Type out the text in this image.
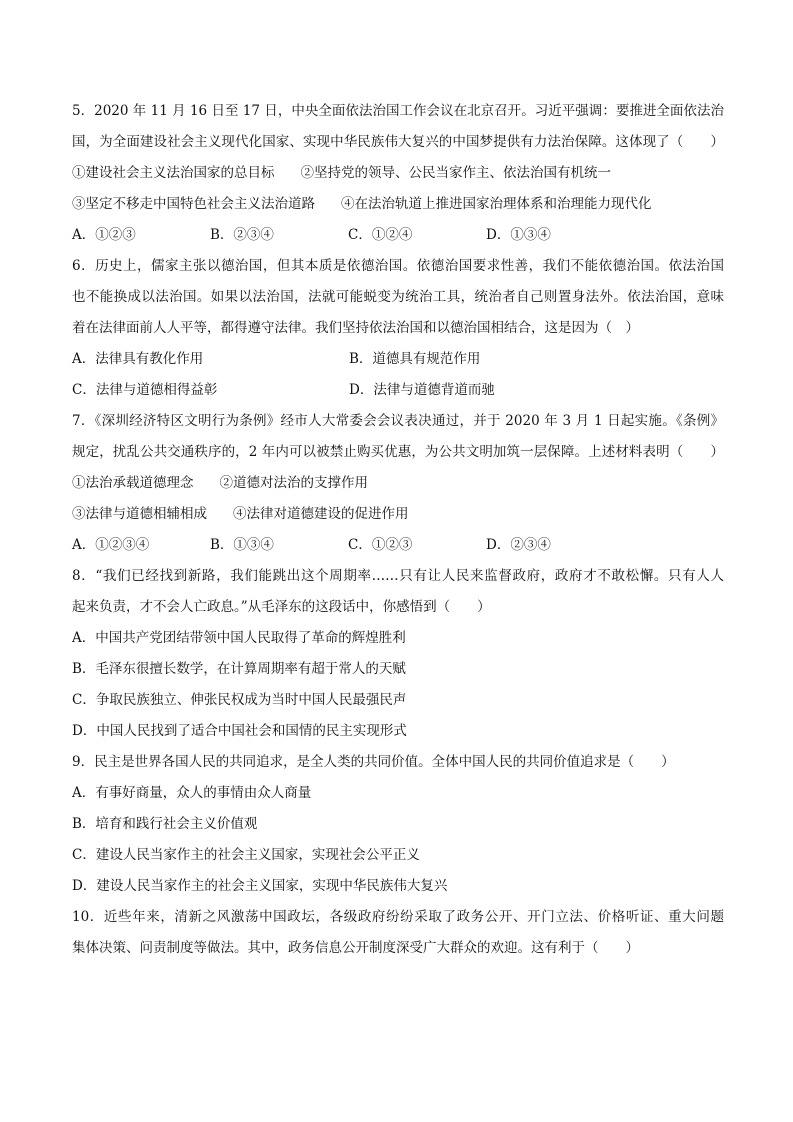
5．2020 年 11 月 16 日至 17 日，中央全面依法治国工作会议在北京召开。习近平强调：要推进全面依法治
国，为全面建设社会主义现代化国家、实现中华民族伟大复兴的中国梦提供有力法治保障。这体现了（　　）
①建设社会主义法治国家的总目标 ②坚持党的领导、公民当家作主、依法治国有机统一
③坚定不移走中国特色社会主义法治道路 ④在法治轨道上推进国家治理体系和治理能力现代化
A．①②③	B．②③④	C．①②④	D．①③④
6．历史上，儒家主张以德治国，但其本质是依德治国。依德治国要求性善，我们不能依德治国。依法治国
也不能换成以法治国。如果以法治国，法就可能蜕变为统治工具，统治者自己则置身法外。依法治国，意味
着在法律面前人人平等，都得遵守法律。我们坚持依法治国和以德治国相结合，这是因为（　）
A．法律具有教化作用	B．道德具有规范作用
C．法律与道德相得益彰	D．法律与道德背道而驰
7．《深圳经济特区文明行为条例》经市人大常委会会议表决通过，并于 2020 年 3 月 1 日起实施。《条例》
规定，扰乱公共交通秩序的，2 年内可以被禁止购买优惠，为公共文明加筑一层保障。上述材料表明（　　）
①法治承载道德理念 ②道德对法治的支撑作用
③法律与道德相辅相成 ④法律对道德建设的促进作用
A．①②③④	B．①③④	C．①②③	D．②③④
8．“我们已经找到新路，我们能跳出这个周期率……只有让人民来监督政府，政府才不敢松懈。只有人人
起来负责，才不会人亡政息。”从毛泽东的这段话中，你感悟到（　　）
A．中国共产党团结带领中国人民取得了革命的辉煌胜利
B．毛泽东很擅长数学，在计算周期率有超于常人的天赋
C．争取民族独立、伸张民权成为当时中国人民最强民声
D．中国人民找到了适合中国社会和国情的民主实现形式
9．民主是世界各国人民的共同追求，是全人类的共同价值。全体中国人民的共同价值追求是（　　）
A．有事好商量，众人的事情由众人商量
B．培育和践行社会主义价值观
C．建设人民当家作主的社会主义国家，实现社会公平正义
D．建设人民当家作主的社会主义国家，实现中华民族伟大复兴
10．近些年来，清新之风激荡中国政坛，各级政府纷纷采取了政务公开、开门立法、价格听证、重大问题
集体决策、问责制度等做法。其中，政务信息公开制度深受广大群众的欢迎。这有利于（　　）
